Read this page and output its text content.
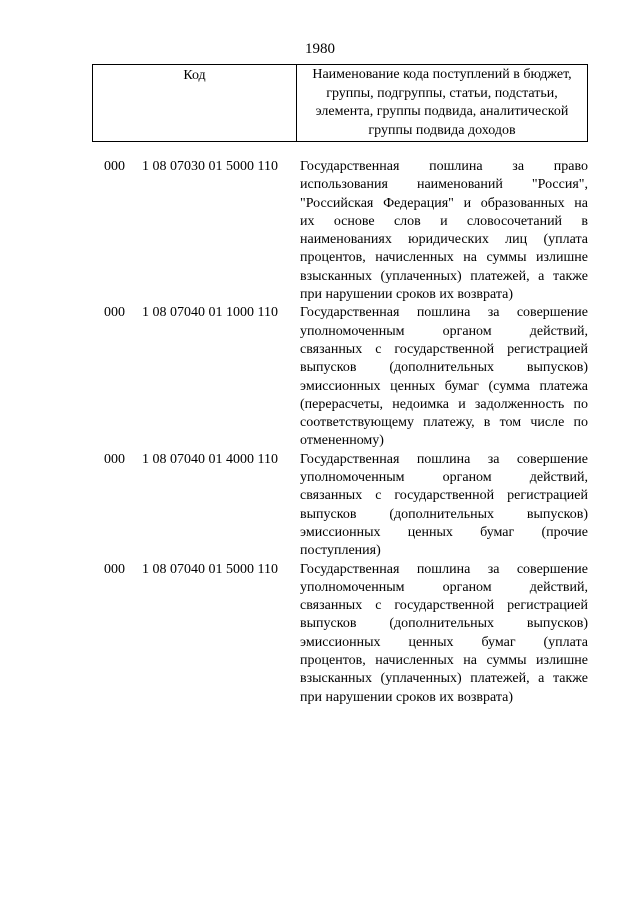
1980
Код	Наименование кода поступлений в бюджет,
группы, подгруппы, статьи, подстатьи,
элемента, группы подвида, аналитической
группы подвида доходов
000	1 08 07030 01 5000 110	Государственная пошлина за право
использования наименований "Россия",
"Российская Федерация" и образованных на
их основе слов и словосочетаний в
наименованиях юридических лиц (уплата
процентов, начисленных на суммы излишне
взысканных (уплаченных) платежей, а также
при нарушении сроков их возврата)
000	1 08 07040 01 1000 110	Государственная пошлина за совершение
уполномоченным органом действий,
связанных с государственной регистрацией
выпусков (дополнительных выпусков)
эмиссионных ценных бумаг (сумма платежа
(перерасчеты, недоимка и задолженность по
соответствующему платежу, в том числе по
отмененному)
000	1 08 07040 01 4000 110	Государственная пошлина за совершение
уполномоченным органом действий,
связанных с государственной регистрацией
выпусков (дополнительных выпусков)
эмиссионных ценных бумаг (прочие
поступления)
000	1 08 07040 01 5000 110	Государственная пошлина за совершение
уполномоченным органом действий,
связанных с государственной регистрацией
выпусков (дополнительных выпусков)
эмиссионных ценных бумаг (уплата
процентов, начисленных на суммы излишне
взысканных (уплаченных) платежей, а также
при нарушении сроков их возврата)
